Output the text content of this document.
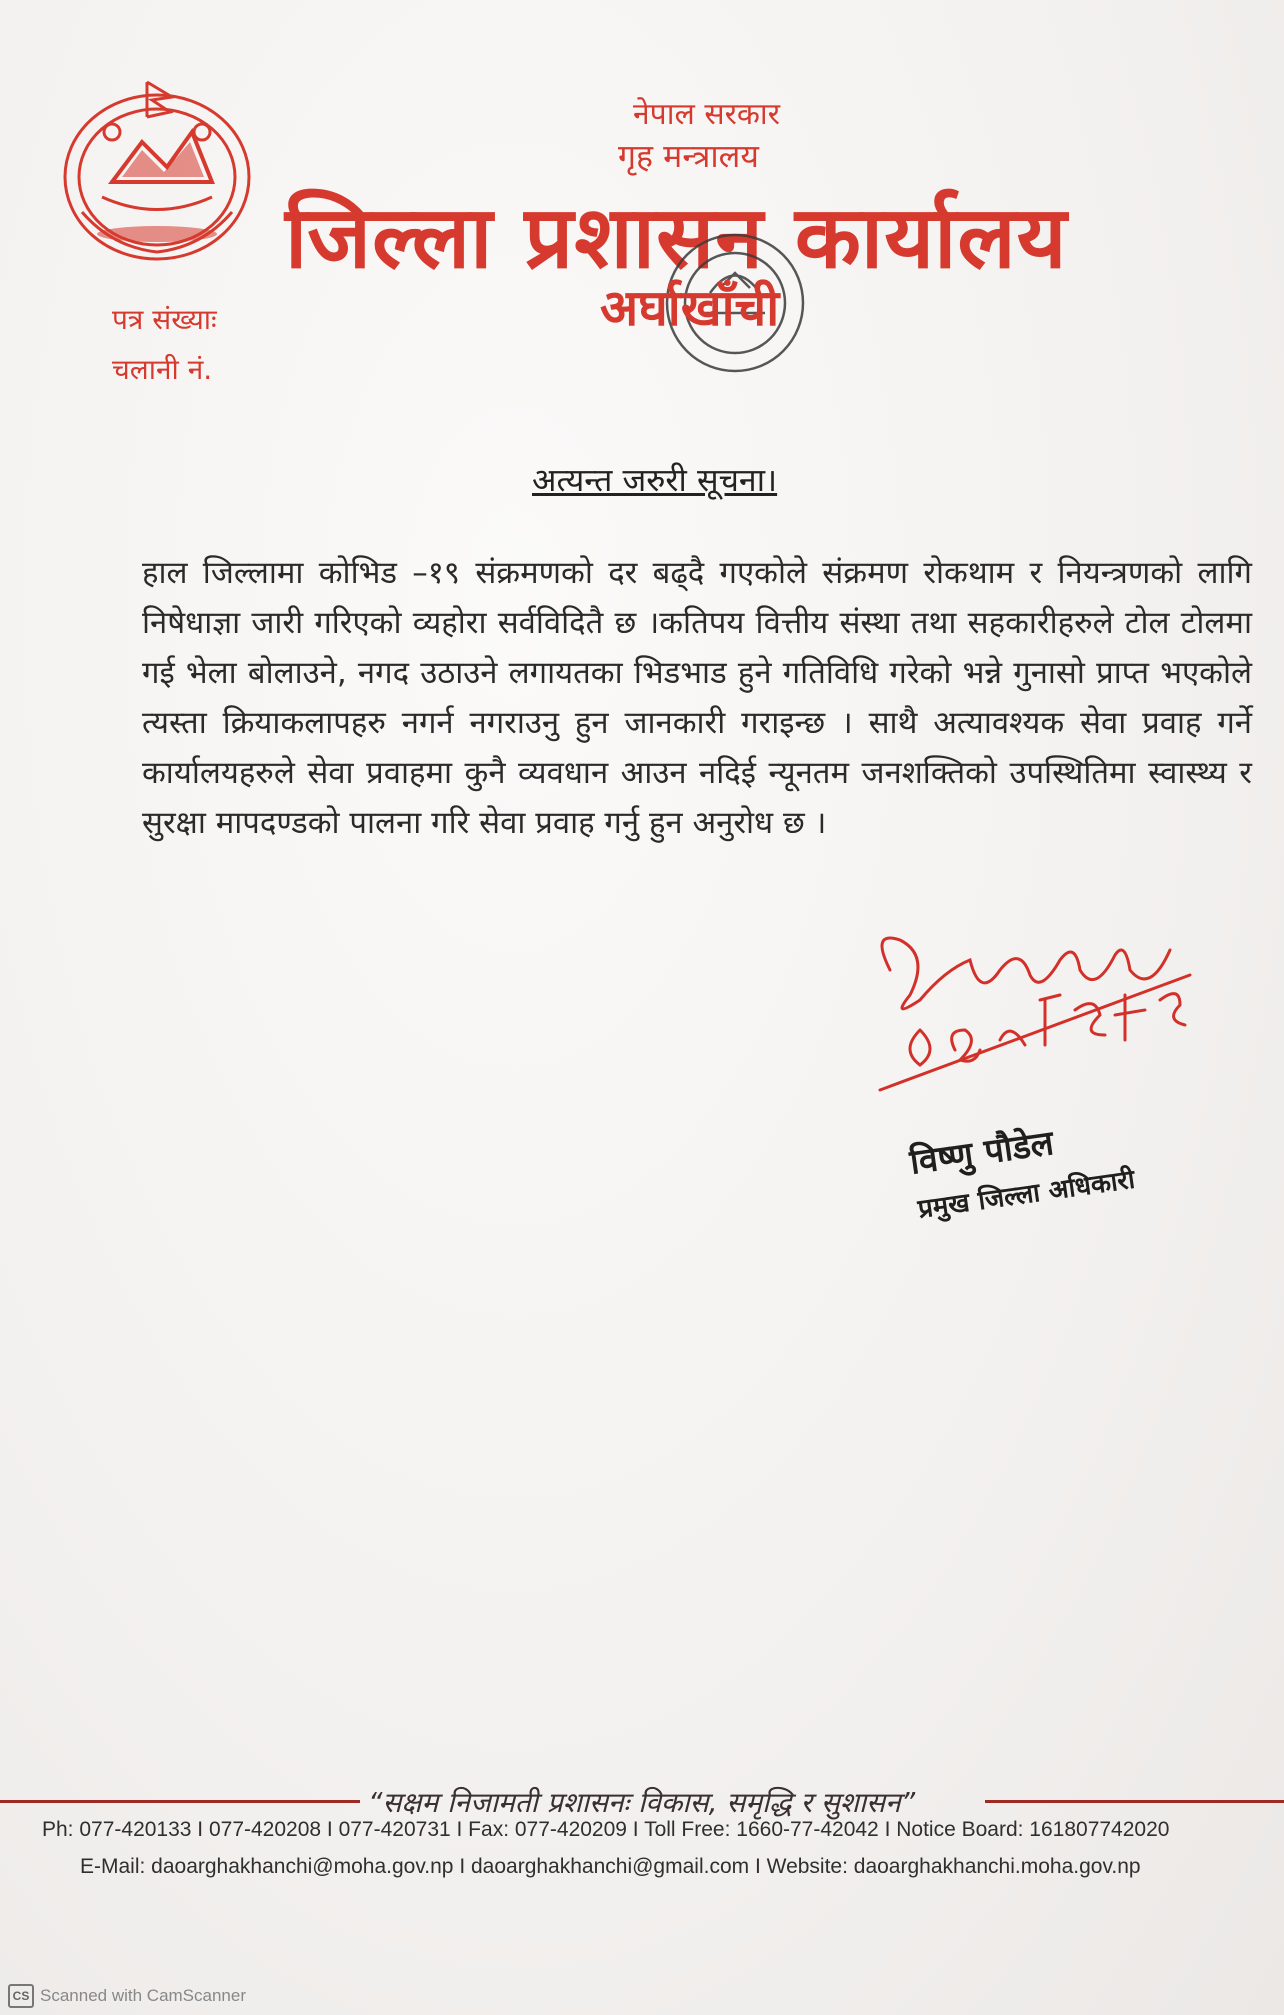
नेपाल सरकार
गृह मन्त्रालय
जिल्ला प्रशासन कार्यालय
अर्घाखाँची
पत्र संख्याः
चलानी नं.
अत्यन्त जरुरी सूचना।
हाल जिल्लामा कोभिड –१९ संक्रमणको दर बढ्दै गएकोले संक्रमण रोकथाम र नियन्त्रणको लागि निषेधाज्ञा जारी गरिएको व्यहोरा सर्वविदितै छ ।कतिपय वित्तीय संस्था तथा सहकारीहरुले टोल टोलमा गई भेला बोलाउने, नगद उठाउने लगायतका भिडभाड हुने गतिविधि गरेको भन्ने गुनासो प्राप्त भएकोले त्यस्ता क्रियाकलापहरु नगर्न नगराउनु हुन जानकारी गराइन्छ । साथै अत्यावश्यक सेवा प्रवाह गर्ने कार्यालयहरुले सेवा प्रवाहमा कुनै व्यवधान आउन नदिई न्यूनतम जनशक्तिको उपस्थितिमा स्वास्थ्य र सुरक्षा मापदण्डको पालना गरि सेवा प्रवाह गर्नु हुन अनुरोध छ ।
विष्णु पौडेल
प्रमुख जिल्ला अधिकारी
“सक्षम निजामती प्रशासनः विकास, समृद्धि र सुशासन”
Ph: 077-420133 I 077-420208 I 077-420731 I Fax: 077-420209 I Toll Free: 1660-77-42042 I Notice Board: 161807742020
E-Mail: daoarghakhanchi@moha.gov.np I daoarghakhanchi@gmail.com I Website: daoarghakhanchi.moha.gov.np
CS Scanned with CamScanner
